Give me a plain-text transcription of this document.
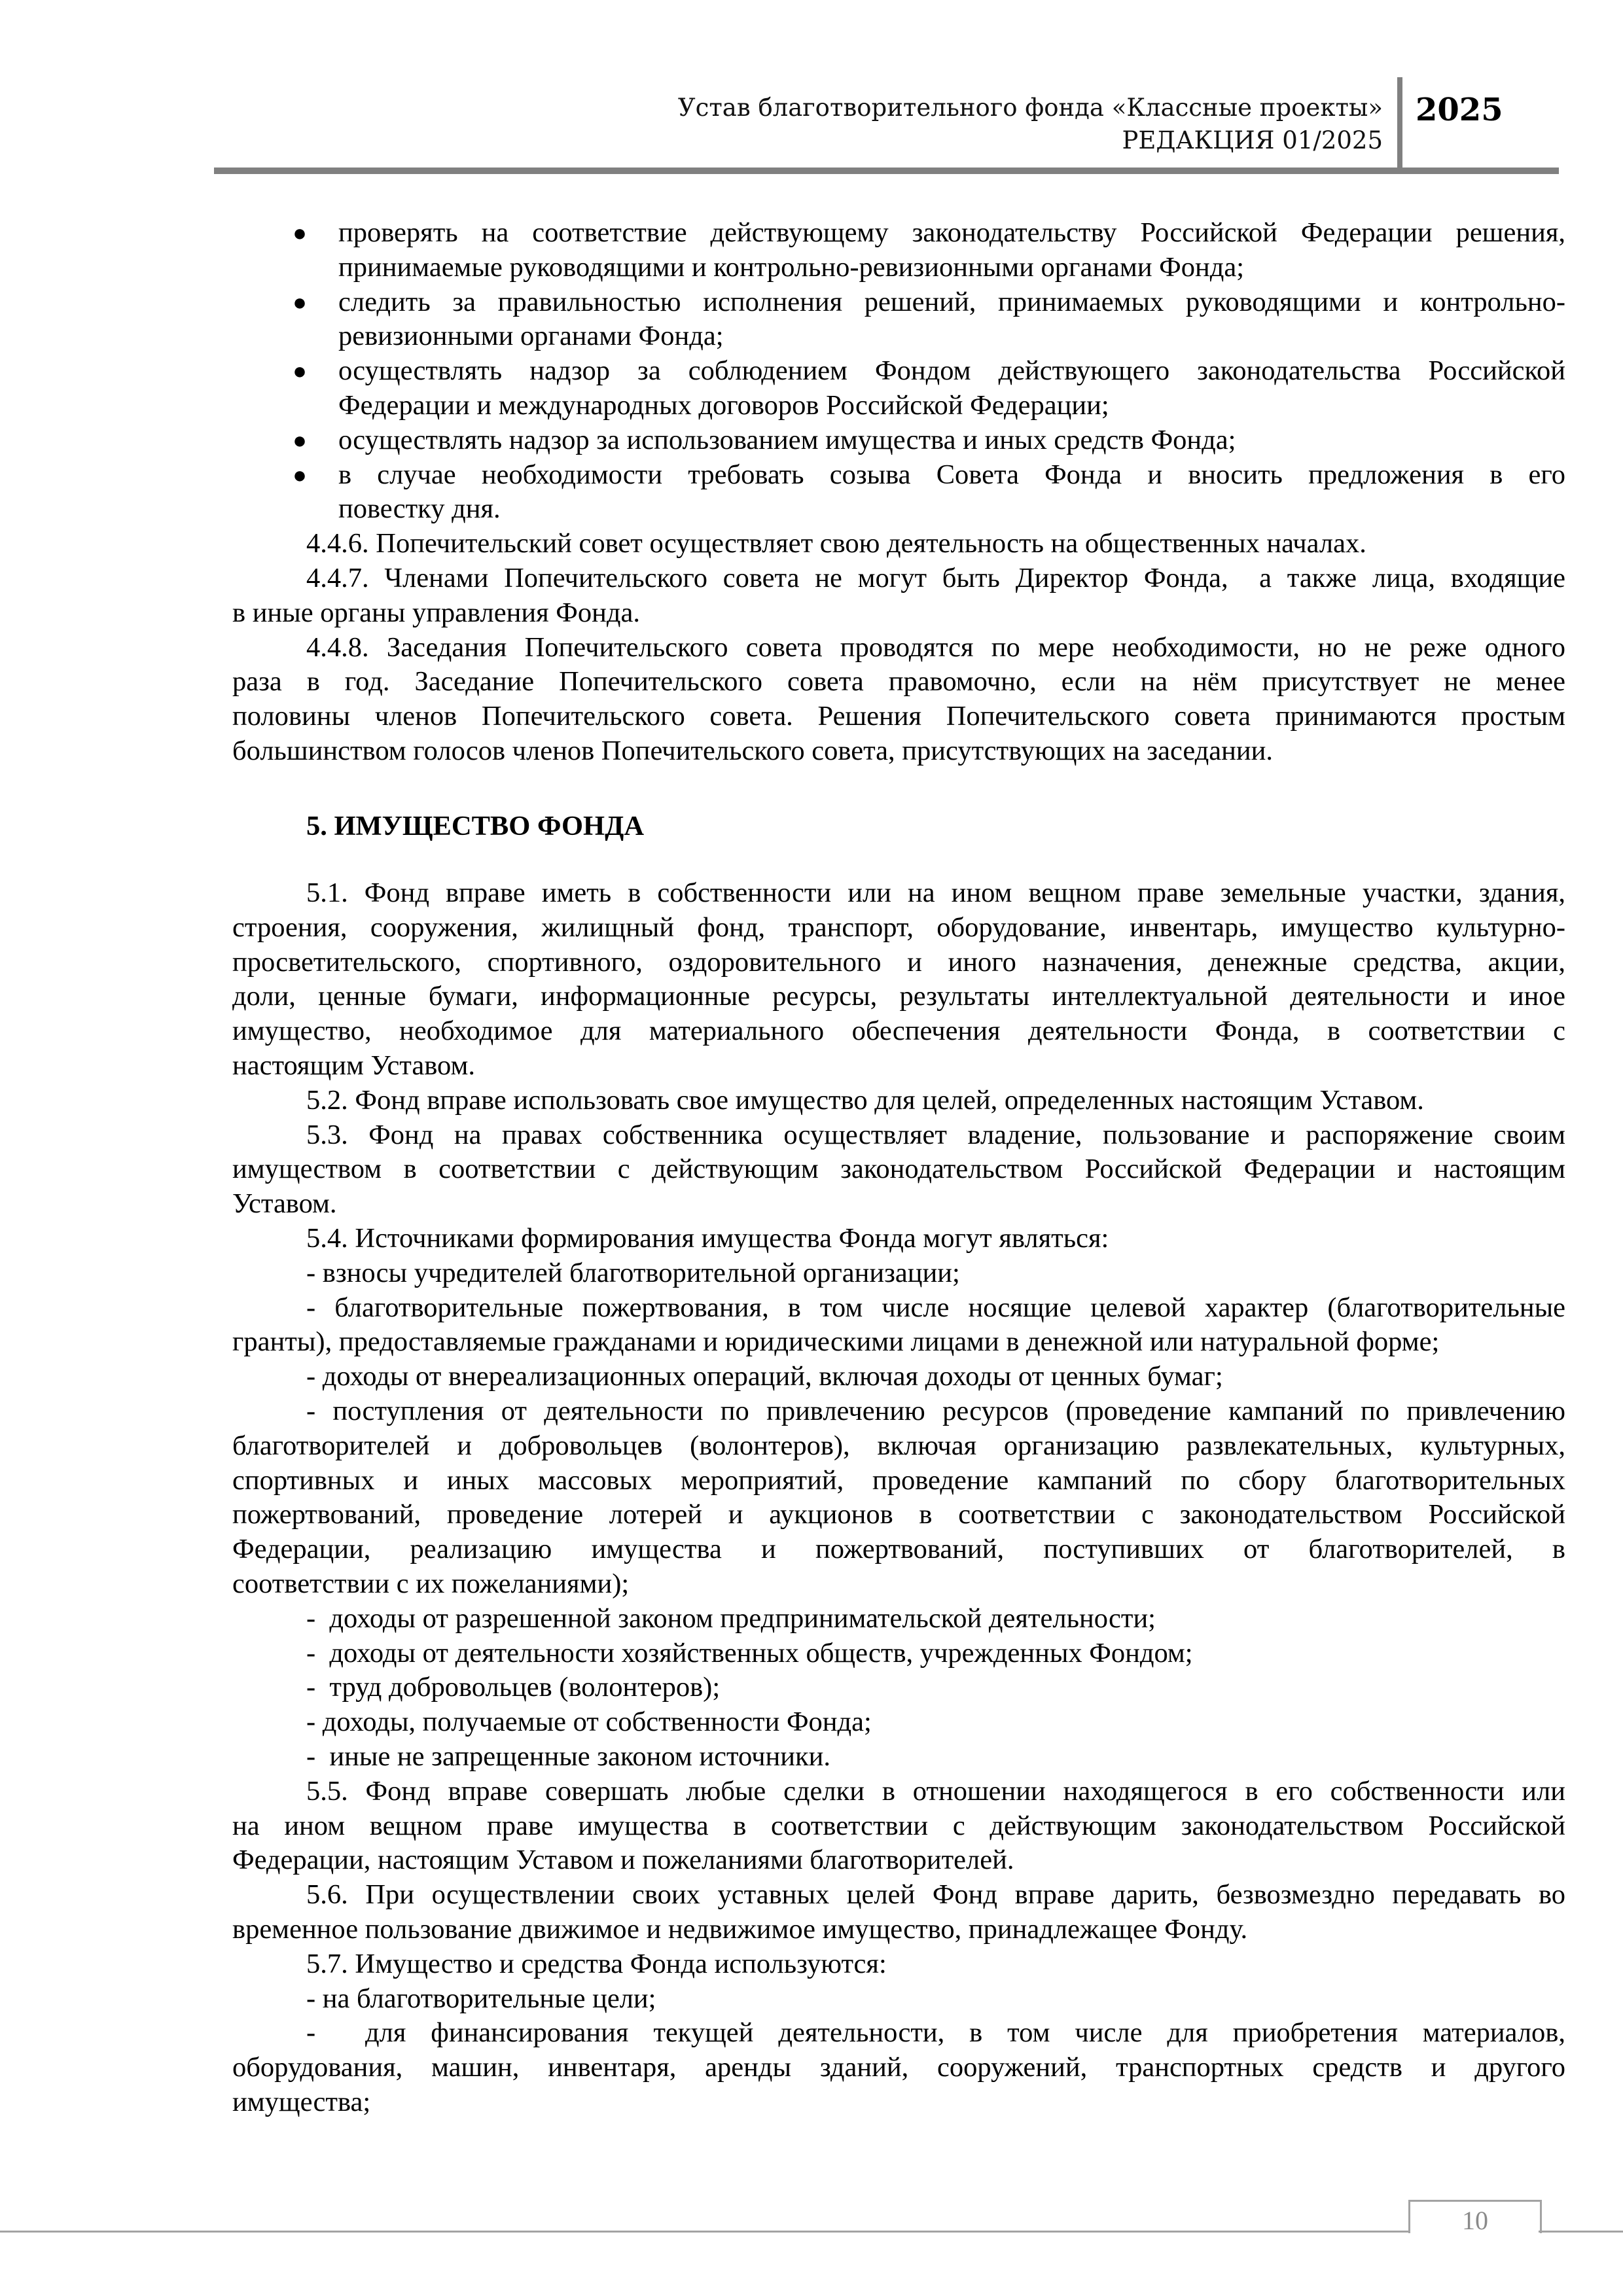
Устав благотворительного фонда «Классные проекты»
РЕДАКЦИЯ 01/2025
2025
● проверять на соответствие действующему законодательству Российской Федерации решения,
принимаемые руководящими и контрольно-ревизионными органами Фонда;
● следить за правильностью исполнения решений, принимаемых руководящими и контрольно-
ревизионными органами Фонда;
● осуществлять надзор за соблюдением Фондом действующего законодательства Российской
Федерации и международных договоров Российской Федерации;
● осуществлять надзор за использованием имущества и иных средств Фонда;
● в случае необходимости требовать созыва Совета Фонда и вносить предложения в его
повестку дня.
4.4.6. Попечительский совет осуществляет свою деятельность на общественных началах.
4.4.7. Членами Попечительского совета не могут быть Директор Фонда,  а также лица, входящие
в иные органы управления Фонда.
4.4.8. Заседания Попечительского совета проводятся по мере необходимости, но не реже одного
раза в год. Заседание Попечительского совета правомочно, если на нём присутствует не менее
половины членов Попечительского совета. Решения Попечительского совета принимаются простым
большинством голосов членов Попечительского совета, присутствующих на заседании.
5. ИМУЩЕСТВО ФОНДА
5.1. Фонд вправе иметь в собственности или на ином вещном праве земельные участки, здания,
строения, сооружения, жилищный фонд, транспорт, оборудование, инвентарь, имущество культурно-
просветительского, спортивного, оздоровительного и иного назначения, денежные средства, акции,
доли, ценные бумаги, информационные ресурсы, результаты интеллектуальной деятельности и иное
имущество, необходимое для материального обеспечения деятельности Фонда, в соответствии с
настоящим Уставом.
5.2. Фонд вправе использовать свое имущество для целей, определенных настоящим Уставом.
5.3. Фонд на правах собственника осуществляет владение, пользование и распоряжение своим
имуществом в соответствии с действующим законодательством Российской Федерации и настоящим
Уставом.
5.4. Источниками формирования имущества Фонда могут являться:
- взносы учредителей благотворительной организации;
- благотворительные пожертвования, в том числе носящие целевой характер (благотворительные
гранты), предоставляемые гражданами и юридическими лицами в денежной или натуральной форме;
- доходы от внереализационных операций, включая доходы от ценных бумаг;
- поступления от деятельности по привлечению ресурсов (проведение кампаний по привлечению
благотворителей и добровольцев (волонтеров), включая организацию развлекательных, культурных,
спортивных и иных массовых мероприятий, проведение кампаний по сбору благотворительных
пожертвований, проведение лотерей и аукционов в соответствии с законодательством Российской
Федерации, реализацию имущества и пожертвований, поступивших от благотворителей, в
соответствии с их пожеланиями);
-  доходы от разрешенной законом предпринимательской деятельности;
-  доходы от деятельности хозяйственных обществ, учрежденных Фондом;
-  труд добровольцев (волонтеров);
- доходы, получаемые от собственности Фонда;
-  иные не запрещенные законом источники.
5.5. Фонд вправе совершать любые сделки в отношении находящегося в его собственности или
на ином вещном праве имущества в соответствии с действующим законодательством Российской
Федерации, настоящим Уставом и пожеланиями благотворителей.
5.6. При осуществлении своих уставных целей Фонд вправе дарить, безвозмездно передавать во
временное пользование движимое и недвижимое имущество, принадлежащее Фонду.
5.7. Имущество и средства Фонда используются:
- на благотворительные цели;
-  для финансирования текущей деятельности, в том числе для приобретения материалов,
оборудования, машин, инвентаря, аренды зданий, сооружений, транспортных средств и другого
имущества;
10
